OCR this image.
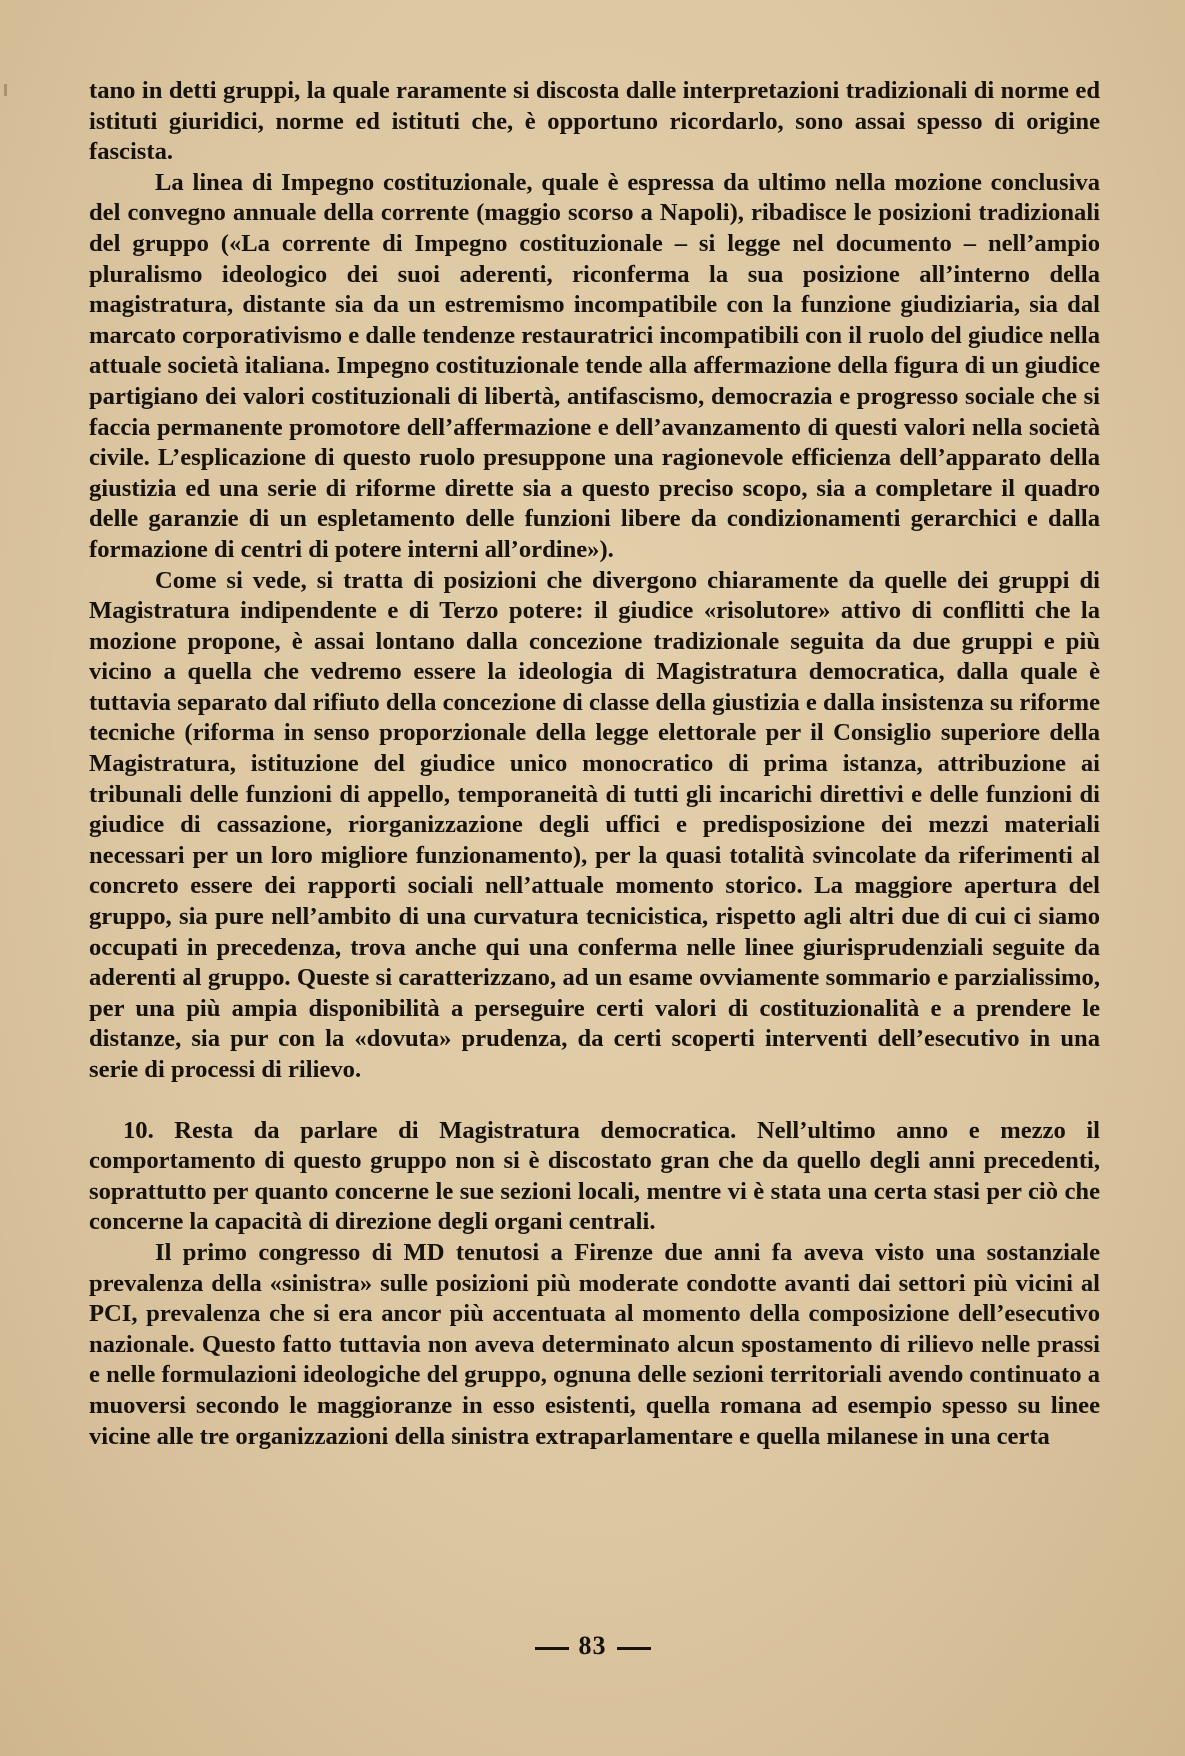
tano in detti gruppi, la quale raramente si discosta dalle interpretazioni tradizionali di norme ed istituti giuridici, norme ed istituti che, è opportuno ricordarlo, sono assai spesso di origine fascista.

La linea di Impegno costituzionale, quale è espressa da ultimo nella mozione conclusiva del convegno annuale della corrente (maggio scorso a Napoli), ribadisce le posizioni tradizionali del gruppo («La corrente di Impegno costituzionale – si legge nel documento – nell’ampio pluralismo ideologico dei suoi aderenti, riconferma la sua posizione all’interno della magistratura, distante sia da un estremismo incompatibile con la funzione giudiziaria, sia dal marcato corporativismo e dalle tendenze restauratrici incompatibili con il ruolo del giudice nella attuale società italiana. Impegno costituzionale tende alla affermazione della figura di un giudice partigiano dei valori costituzionali di libertà, antifascismo, democrazia e progresso sociale che si faccia permanente promotore dell’affermazione e dell’avanzamento di questi valori nella società civile. L’esplicazione di questo ruolo presuppone una ragionevole efficienza dell’apparato della giustizia ed una serie di riforme dirette sia a questo preciso scopo, sia a completare il quadro delle garanzie di un espletamento delle funzioni libere da condizionamenti gerarchici e dalla formazione di centri di potere interni all’ordine»).

Come si vede, si tratta di posizioni che divergono chiaramente da quelle dei gruppi di Magistratura indipendente e di Terzo potere: il giudice «risolutore» attivo di conflitti che la mozione propone, è assai lontano dalla concezione tradizionale seguita da due gruppi e più vicino a quella che vedremo essere la ideologia di Magistratura democratica, dalla quale è tuttavia separato dal rifiuto della concezione di classe della giustizia e dalla insistenza su riforme tecniche (riforma in senso proporzionale della legge elettorale per il Consiglio superiore della Magistratura, istituzione del giudice unico monocratico di prima istanza, attribuzione ai tribunali delle funzioni di appello, temporaneità di tutti gli incarichi direttivi e delle funzioni di giudice di cassazione, riorganizzazione degli uffici e predisposizione dei mezzi materiali necessari per un loro migliore funzionamento), per la quasi totalità svincolate da riferimenti al concreto essere dei rapporti sociali nell’attuale momento storico. La maggiore apertura del gruppo, sia pure nell’ambito di una curvatura tecnicistica, rispetto agli altri due di cui ci siamo occupati in precedenza, trova anche qui una conferma nelle linee giurisprudenziali seguite da aderenti al gruppo. Queste si caratterizzano, ad un esame ovviamente sommario e parzialissimo, per una più ampia disponibilità a perseguire certi valori di costituzionalità e a prendere le distanze, sia pur con la «dovuta» prudenza, da certi scoperti interventi dell’esecutivo in una serie di processi di rilievo.

10. Resta da parlare di Magistratura democratica. Nell’ultimo anno e mezzo il comportamento di questo gruppo non si è discostato gran che da quello degli anni precedenti, soprattutto per quanto concerne le sue sezioni locali, mentre vi è stata una certa stasi per ciò che concerne la capacità di direzione degli organi centrali.

Il primo congresso di MD tenutosi a Firenze due anni fa aveva visto una sostanziale prevalenza della «sinistra» sulle posizioni più moderate condotte avanti dai settori più vicini al PCI, prevalenza che si era ancor più accentuata al momento della composizione dell’esecutivo nazionale. Questo fatto tuttavia non aveva determinato alcun spostamento di rilievo nelle prassi e nelle formulazioni ideologiche del gruppo, ognuna delle sezioni territoriali avendo continuato a muoversi secondo le maggioranze in esso esistenti, quella romana ad esempio spesso su linee vicine alle tre organizzazioni della sinistra extraparlamentare e quella milanese in una certa

83
